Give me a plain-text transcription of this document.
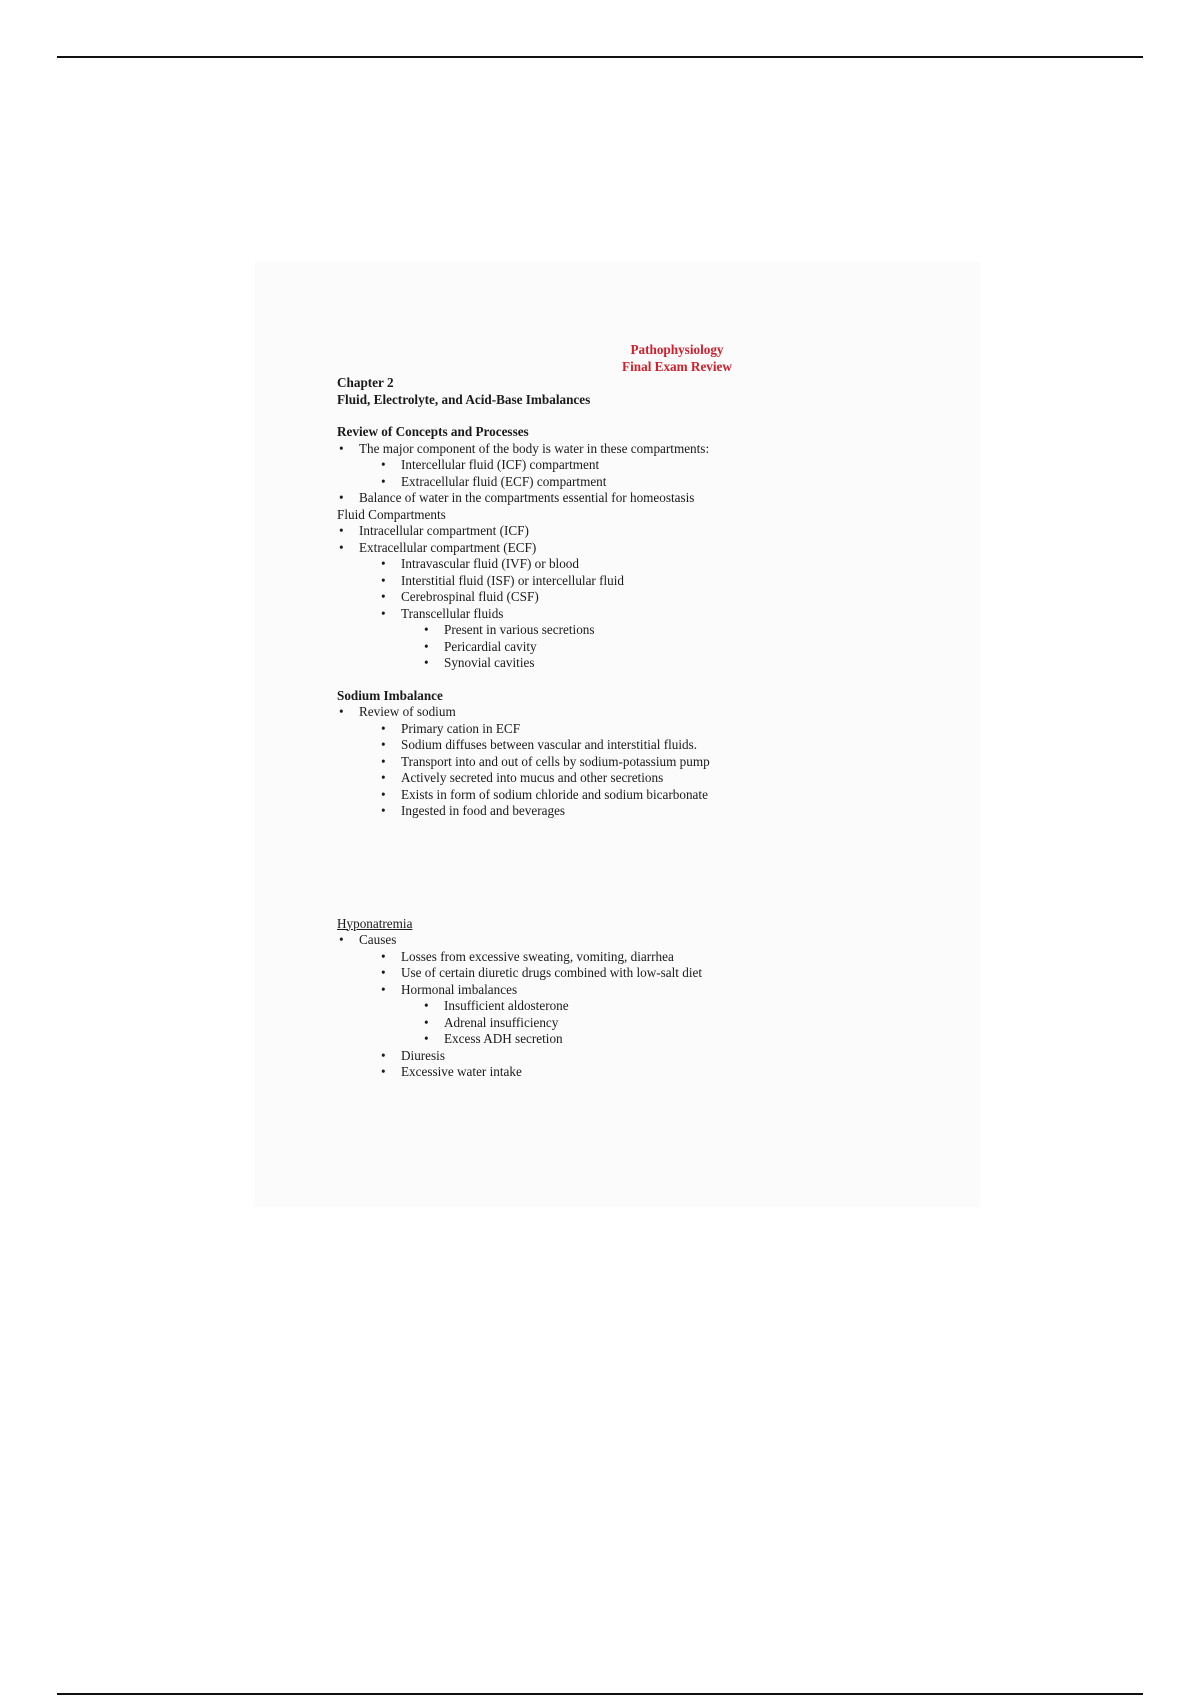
Pathophysiology
Final Exam Review
Chapter 2
Fluid, Electrolyte, and Acid-Base Imbalances
Review of Concepts and Processes
• The major component of the body is water in these compartments:
• Intercellular fluid (ICF) compartment
• Extracellular fluid (ECF) compartment
• Balance of water in the compartments essential for homeostasis
Fluid Compartments
• Intracellular compartment (ICF)
• Extracellular compartment (ECF)
• Intravascular fluid (IVF) or blood
• Interstitial fluid (ISF) or intercellular fluid
• Cerebrospinal fluid (CSF)
• Transcellular fluids
• Present in various secretions
• Pericardial cavity
• Synovial cavities
Sodium Imbalance
• Review of sodium
• Primary cation in ECF
• Sodium diffuses between vascular and interstitial fluids.
• Transport into and out of cells by sodium-potassium pump
• Actively secreted into mucus and other secretions
• Exists in form of sodium chloride and sodium bicarbonate
• Ingested in food and beverages
Hyponatremia
• Causes
• Losses from excessive sweating, vomiting, diarrhea
• Use of certain diuretic drugs combined with low-salt diet
• Hormonal imbalances
• Insufficient aldosterone
• Adrenal insufficiency
• Excess ADH secretion
• Diuresis
• Excessive water intake
